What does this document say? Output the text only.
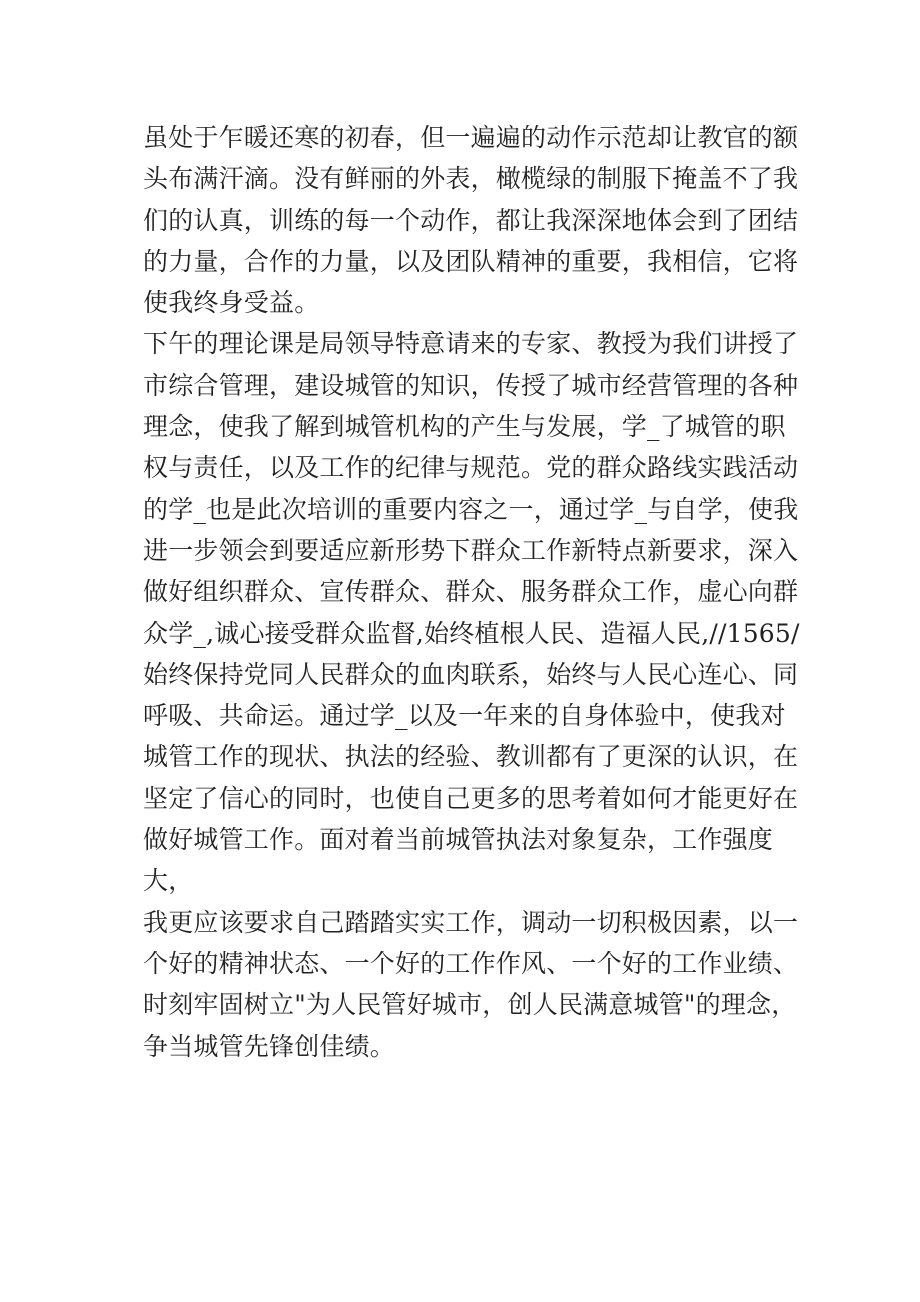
虽处于乍暖还寒的初春，但一遍遍的动作示范却让教官的额
头布满汗滴。没有鲜丽的外表，橄榄绿的制服下掩盖不了我
们的认真，训练的每一个动作，都让我深深地体会到了团结
的力量，合作的力量，以及团队精神的重要，我相信，它将
使我终身受益。

下午的理论课是局领导特意请来的专家、教授为我们讲授了
市综合管理，建设城管的知识，传授了城市经营管理的各种
理念，使我了解到城管机构的产生与发展，学_了城管的职
权与责任，以及工作的纪律与规范。党的群众路线实践活动
的学_也是此次培训的重要内容之一，通过学_与自学，使我
进一步领会到要适应新形势下群众工作新特点新要求，深入
做好组织群众、宣传群众、群众、服务群众工作，虚心向群
众学_,诚心接受群众监督,始终植根人民、造福人民,//1565/
始终保持党同人民群众的血肉联系，始终与人民心连心、同
呼吸、共命运。通过学_以及一年来的自身体验中，使我对
城管工作的现状、执法的经验、教训都有了更深的认识，在
坚定了信心的同时，也使自己更多的思考着如何才能更好在
做好城管工作。面对着当前城管执法对象复杂，工作强度大，
我更应该要求自己踏踏实实工作，调动一切积极因素，以一
个好的精神状态、一个好的工作作风、一个好的工作业绩、
时刻牢固树立"为人民管好城市，创人民满意城管"的理念，
争当城管先锋创佳绩。
